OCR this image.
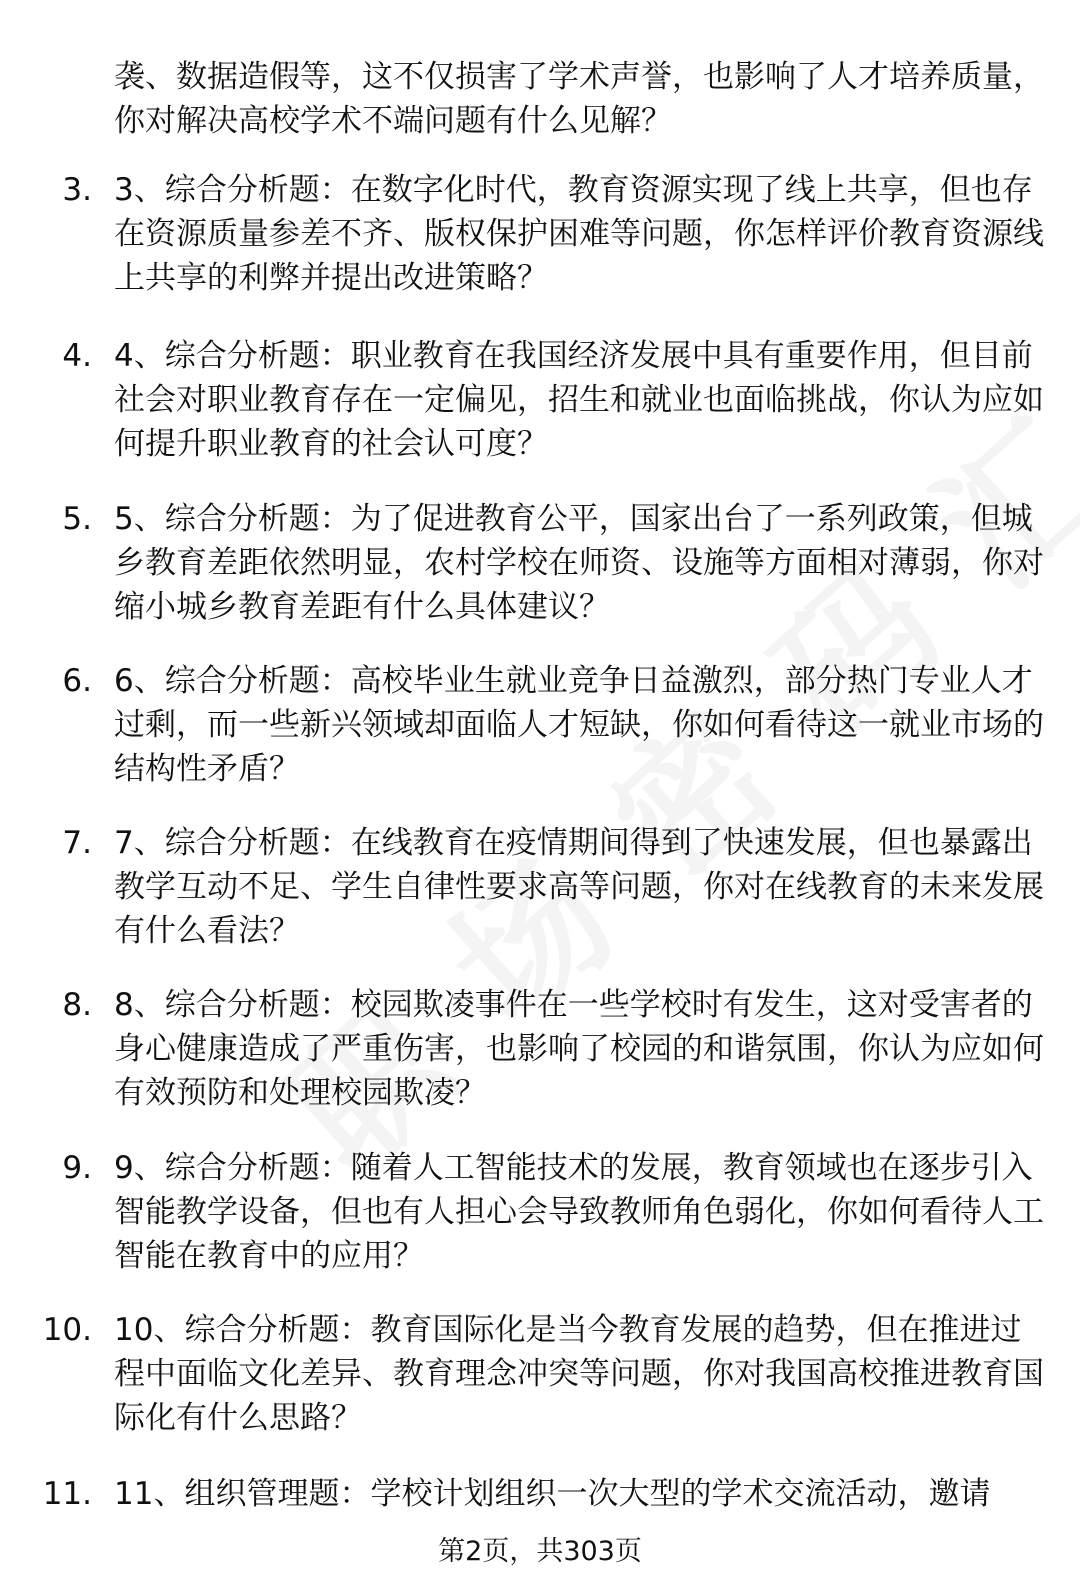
袭、数据造假等，这不仅损害了学术声誉，也影响了人才培养质量，你对解决高校学术不端问题有什么见解？

3. 3、综合分析题：在数字化时代，教育资源实现了线上共享，但也存在资源质量参差不齐、版权保护困难等问题，你怎样评价教育资源线上共享的利弊并提出改进策略？

4. 4、综合分析题：职业教育在我国经济发展中具有重要作用，但目前社会对职业教育存在一定偏见，招生和就业也面临挑战，你认为应如何提升职业教育的社会认可度？

5. 5、综合分析题：为了促进教育公平，国家出台了一系列政策，但城乡教育差距依然明显，农村学校在师资、设施等方面相对薄弱，你对缩小城乡教育差距有什么具体建议？

6. 6、综合分析题：高校毕业生就业竞争日益激烈，部分热门专业人才过剩，而一些新兴领域却面临人才短缺，你如何看待这一就业市场的结构性矛盾？

7. 7、综合分析题：在线教育在疫情期间得到了快速发展，但也暴露出教学互动不足、学生自律性要求高等问题，你对在线教育的未来发展有什么看法？

8. 8、综合分析题：校园欺凌事件在一些学校时有发生，这对受害者的身心健康造成了严重伤害，也影响了校园的和谐氛围，你认为应如何有效预防和处理校园欺凌？

9. 9、综合分析题：随着人工智能技术的发展，教育领域也在逐步引入智能教学设备，但也有人担心会导致教师角色弱化，你如何看待人工智能在教育中的应用？

10. 10、综合分析题：教育国际化是当今教育发展的趋势，但在推进过程中面临文化差异、教育理念冲突等问题，你对我国高校推进教育国际化有什么思路？

11. 11、组织管理题：学校计划组织一次大型的学术交流活动，邀请

第2页，共303页
